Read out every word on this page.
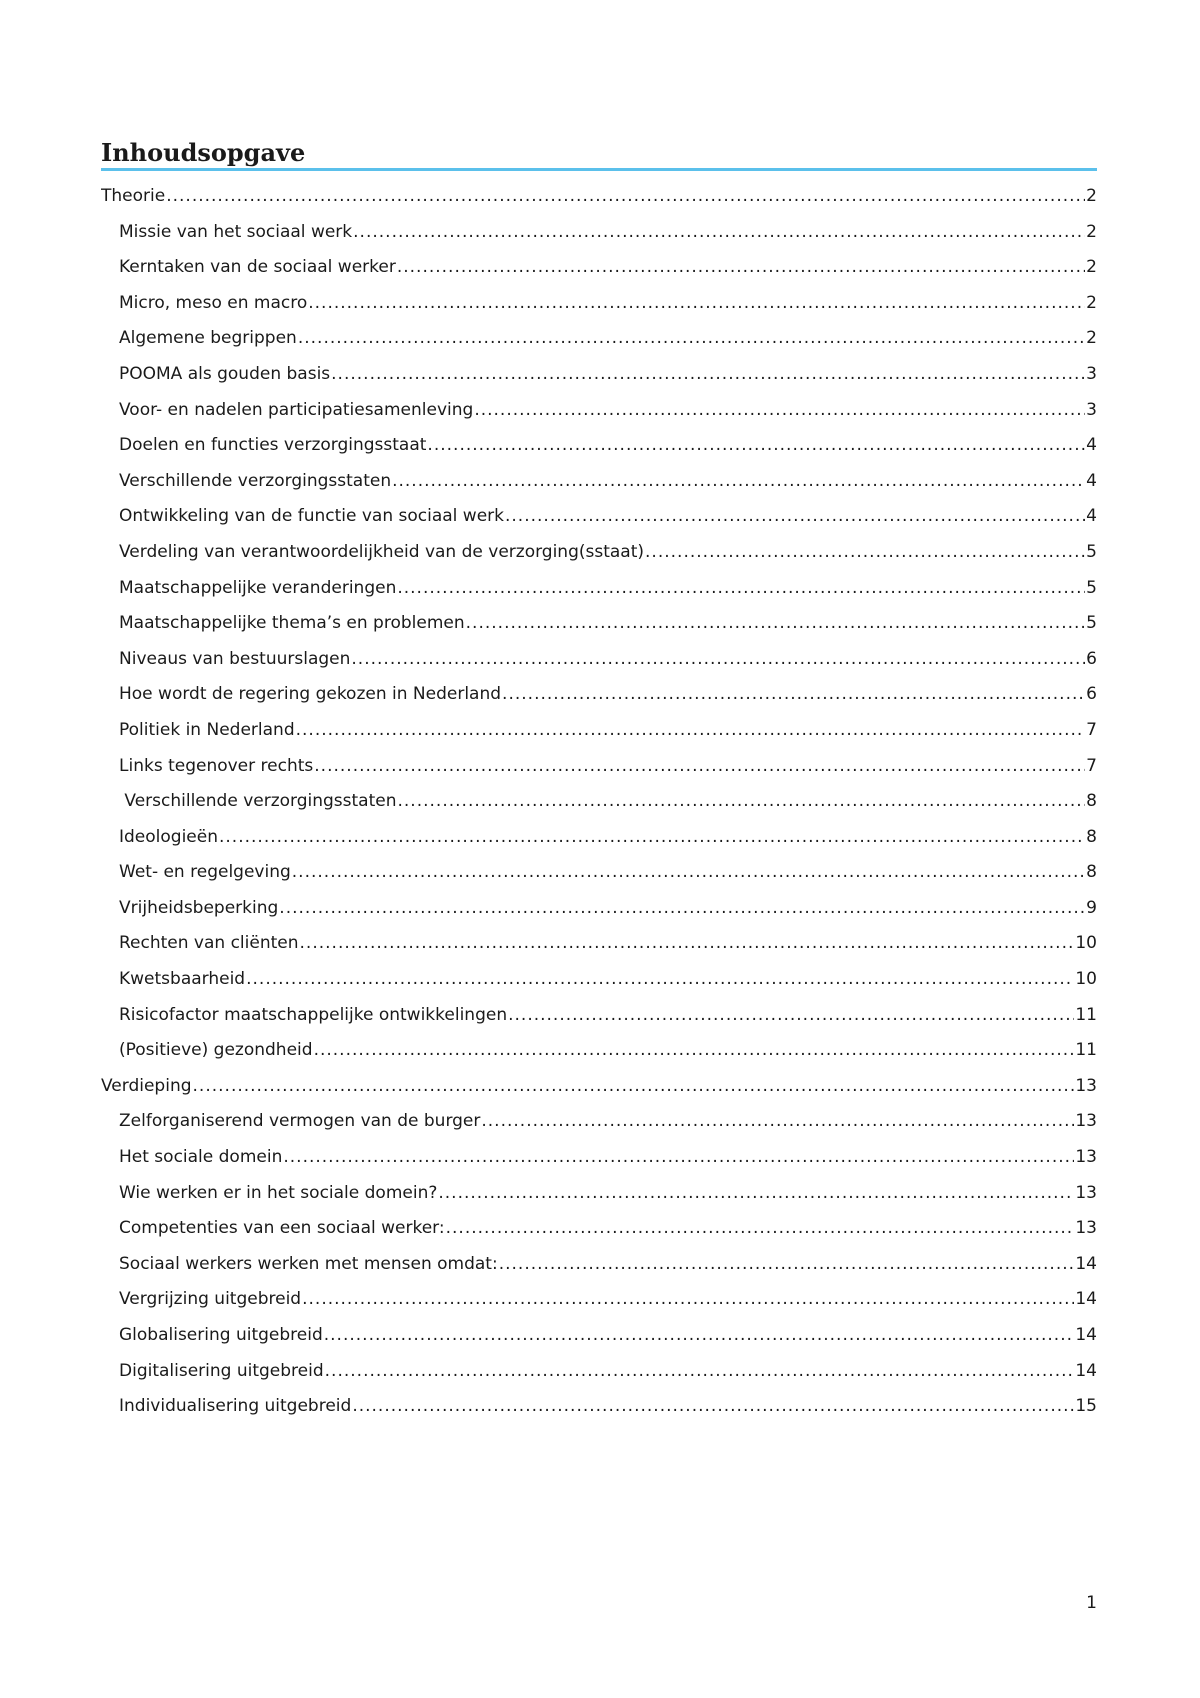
Inhoudsopgave
Theorie .....	2
Missie van het sociaal werk .....	2
Kerntaken van de sociaal werker .....	2
Micro, meso en macro .....	2
Algemene begrippen .....	2
POOMA als gouden basis .....	3
Voor- en nadelen participatiesamenleving .....	3
Doelen en functies verzorgingsstaat .....	4
Verschillende verzorgingsstaten .....	4
Ontwikkeling van de functie van sociaal werk .....	4
Verdeling van verantwoordelijkheid van de verzorging(sstaat) .....	5
Maatschappelijke veranderingen .....	5
Maatschappelijke thema’s en problemen .....	5
Niveaus van bestuurslagen .....	6
Hoe wordt de regering gekozen in Nederland .....	6
Politiek in Nederland .....	7
Links tegenover rechts .....	7
Verschillende verzorgingsstaten .....	8
Ideologieën .....	8
Wet- en regelgeving .....	8
Vrijheidsbeperking .....	9
Rechten van cliënten .....	10
Kwetsbaarheid .....	10
Risicofactor maatschappelijke ontwikkelingen .....	11
(Positieve) gezondheid .....	11
Verdieping .....	13
Zelforganiserend vermogen van de burger .....	13
Het sociale domein .....	13
Wie werken er in het sociale domein? .....	13
Competenties van een sociaal werker: .....	13
Sociaal werkers werken met mensen omdat: .....	14
Vergrijzing uitgebreid .....	14
Globalisering uitgebreid .....	14
Digitalisering uitgebreid .....	14
Individualisering uitgebreid .....	15
1
